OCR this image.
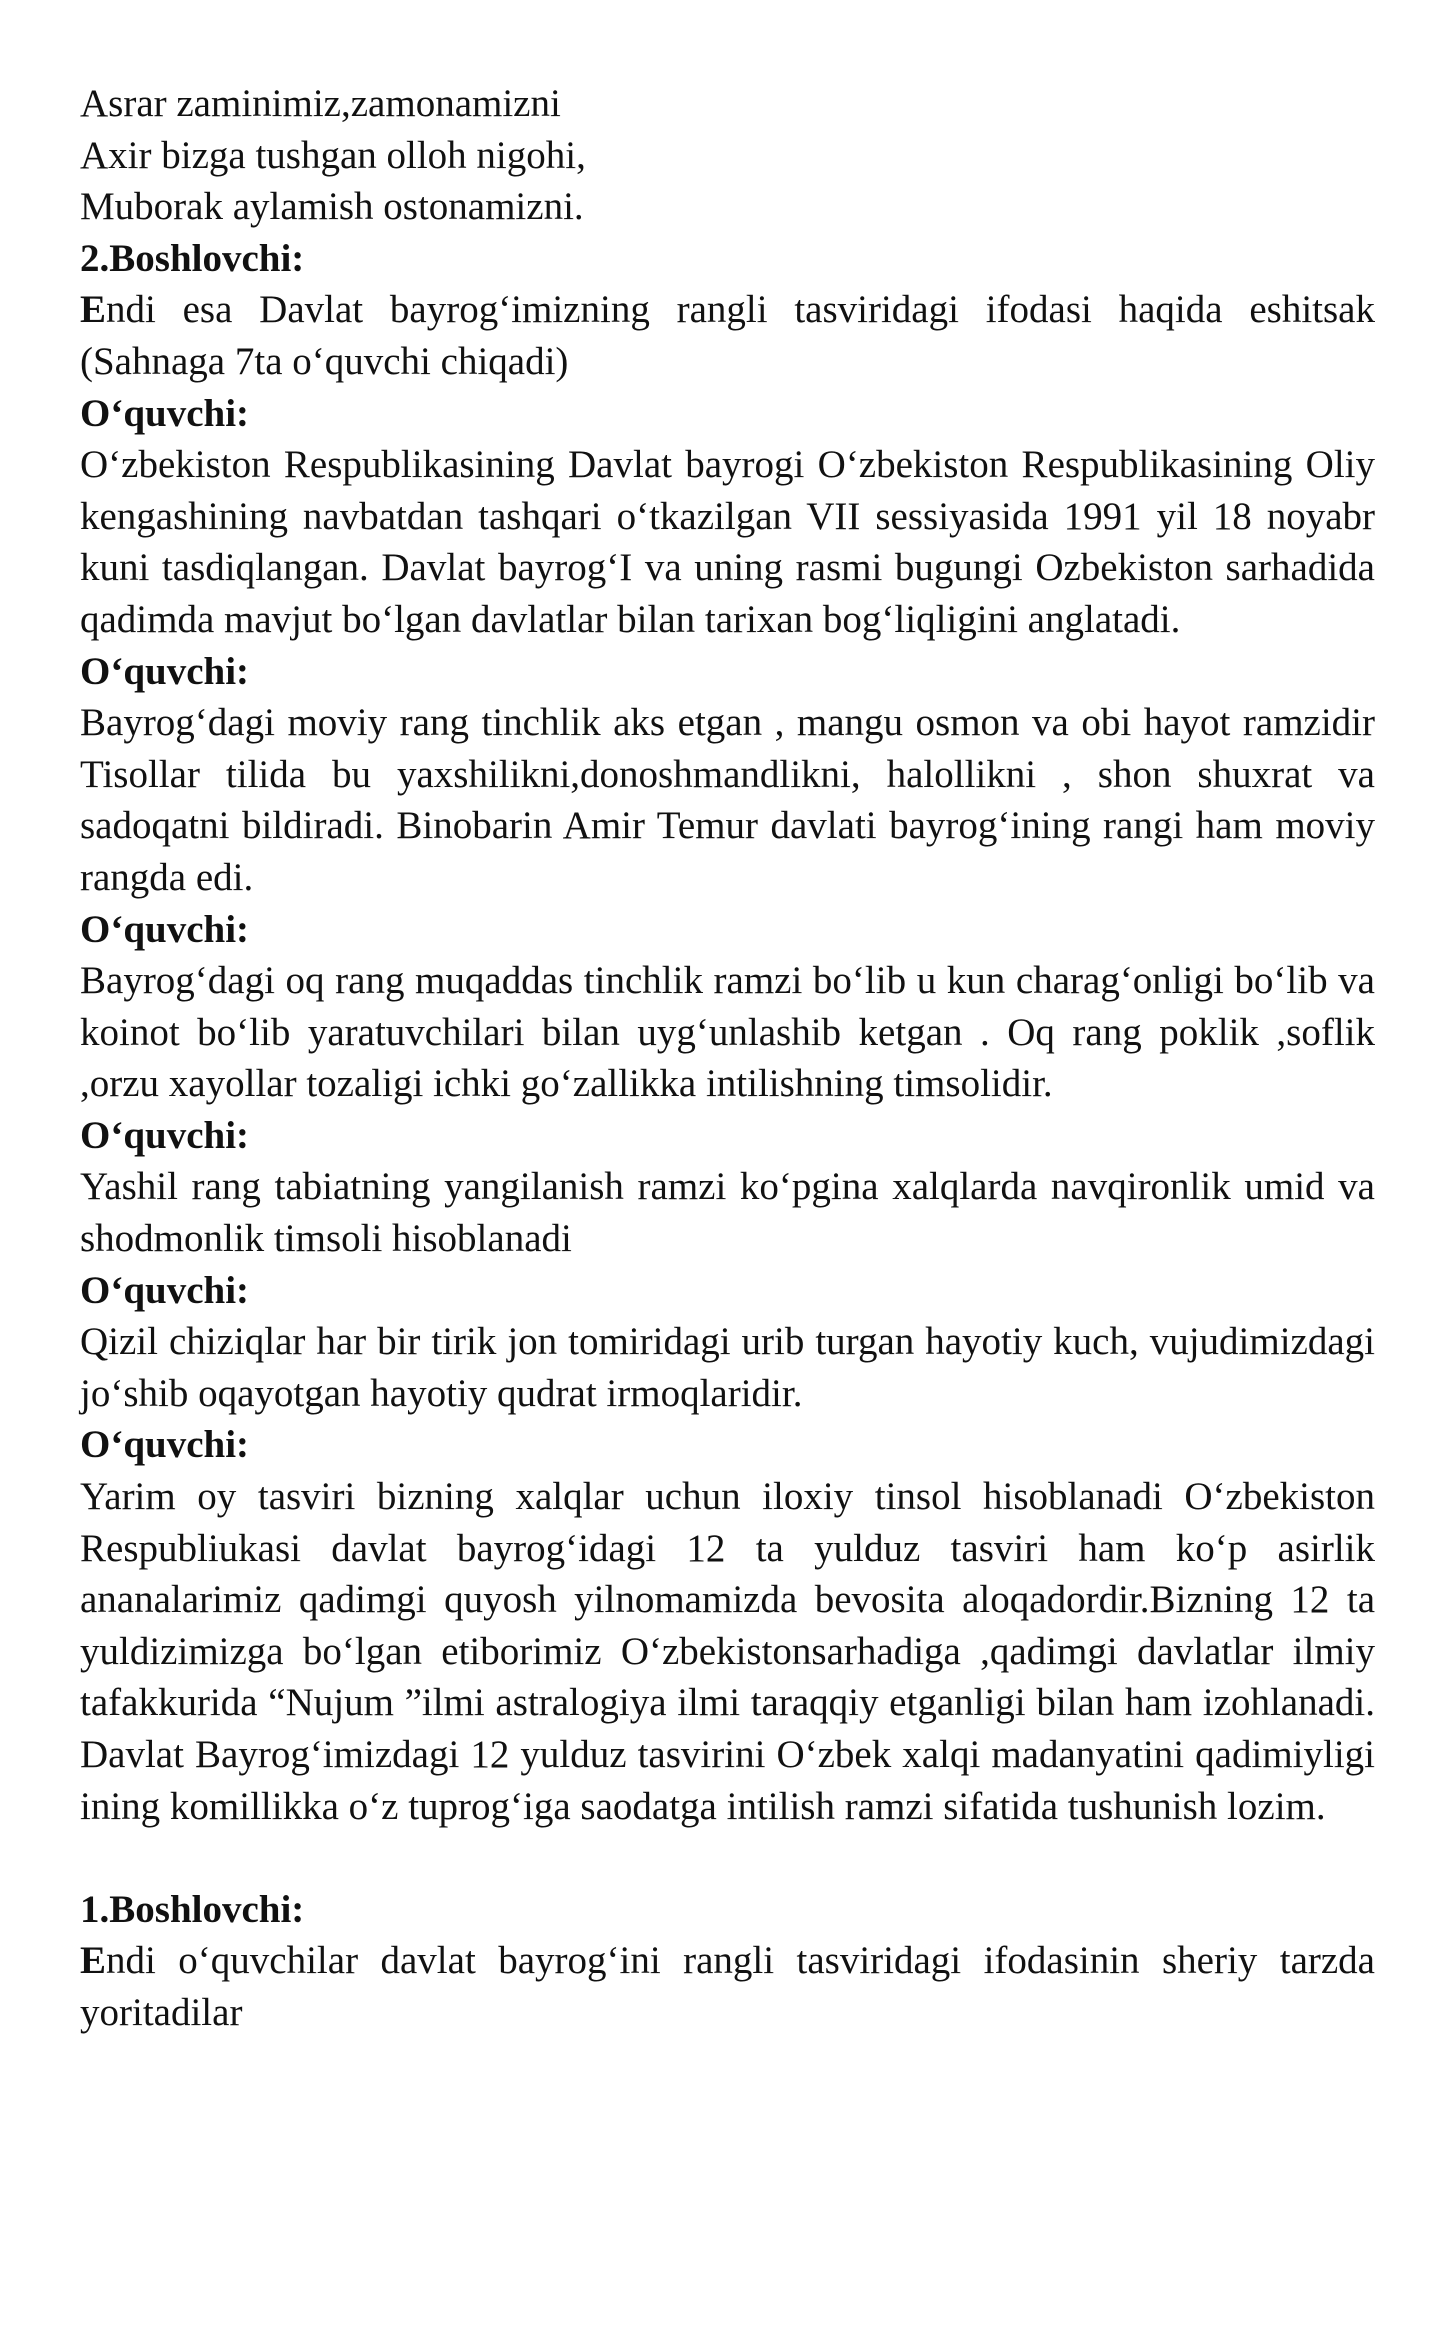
Asrar zaminimiz,zamonamizni
Axir bizga tushgan olloh nigohi,
Muborak aylamish ostonamizni.
2.Boshlovchi:
Endi esa Davlat bayrog‘imizning rangli tasviridagi ifodasi haqida eshitsak (Sahnaga 7ta o‘quvchi chiqadi)
O‘quvchi:
O‘zbekiston Respublikasining Davlat bayrogi O‘zbekiston Respublikasining Oliy kengashining navbatdan tashqari o‘tkazilgan VII sessiyasida 1991 yil 18 noyabr kuni tasdiqlangan. Davlat bayrog‘I va uning rasmi bugungi Ozbekiston sarhadida qadimda mavjut bo‘lgan davlatlar bilan tarixan bog‘liqligini anglatadi.
O‘quvchi:
Bayrog‘dagi moviy rang tinchlik aks etgan , mangu osmon va obi hayot ramzidir Tisollar tilida bu yaxshilikni,donoshmandlikni, halollikni , shon shuxrat va sadoqatni bildiradi. Binobarin Amir Temur davlati bayrog‘ining rangi ham moviy rangda edi.
O‘quvchi:
Bayrog‘dagi oq rang muqaddas tinchlik ramzi bo‘lib u kun charag‘onligi bo‘lib va koinot bo‘lib yaratuvchilari bilan uyg‘unlashib ketgan . Oq rang poklik ,soflik ,orzu xayollar tozaligi ichki go‘zallikka intilishning timsolidir.
O‘quvchi:
Yashil rang tabiatning yangilanish ramzi ko‘pgina xalqlarda navqironlik umid va shodmonlik timsoli hisoblanadi
O‘quvchi:
Qizil chiziqlar har bir tirik jon tomiridagi urib turgan hayotiy kuch, vujudimizdagi jo‘shib oqayotgan hayotiy qudrat irmoqlaridir.
O‘quvchi:
Yarim oy tasviri bizning xalqlar uchun iloxiy tinsol hisoblanadi O‘zbekiston Respubliukasi davlat bayrog‘idagi 12 ta yulduz tasviri ham ko‘p asirlik ananalarimiz qadimgi quyosh yilnomamizda bevosita aloqadordir.Bizning 12 ta yuldizimizga bo‘lgan etiborimiz O‘zbekistonsarhadiga ,qadimgi davlatlar ilmiy tafakkurida “Nujum ”ilmi astralogiya ilmi taraqqiy etganligi bilan ham izohlanadi. Davlat Bayrog‘imizdagi 12 yulduz tasvirini O‘zbek xalqi madanyatini qadimiyligi ining komillikka o‘z tuprog‘iga saodatga intilish ramzi sifatida tushunish lozim.
1.Boshlovchi:
Endi o‘quvchilar davlat bayrog‘ini rangli tasviridagi ifodasinin sheriy tarzda yoritadilar
